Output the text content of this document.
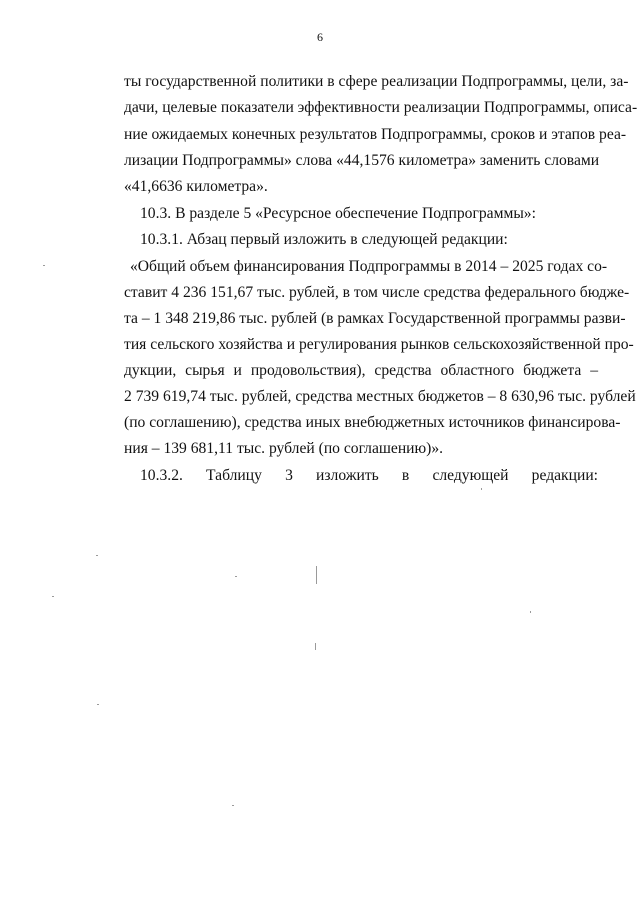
6
ты государственной политики в сфере реализации Подпрограммы, цели, за-
дачи, целевые показатели эффективности реализации Подпрограммы, описа-
ние ожидаемых конечных результатов Подпрограммы, сроков и этапов реа-
лизации Подпрограммы» слова «44,1576 километра» заменить словами
«41,6636 километра».
10.3. В разделе 5 «Ресурсное обеспечение Подпрограммы»:
10.3.1. Абзац первый изложить в следующей редакции:
«Общий объем финансирования Подпрограммы в 2014 – 2025 годах со-
ставит 4 236 151,67 тыс. рублей, в том числе средства федерального бюдже-
та – 1 348 219,86 тыс. рублей (в рамках Государственной программы разви-
тия сельского хозяйства и регулирования рынков сельскохозяйственной про-
дукции, сырья и продовольствия), средства областного бюджета –
2 739 619,74 тыс. рублей, средства местных бюджетов – 8 630,96 тыс. рублей
(по соглашению), средства иных внебюджетных источников финансирова-
ния – 139 681,11 тыс. рублей (по соглашению)».
10.3.2. Таблицу 3 изложить в следующей редакции:
